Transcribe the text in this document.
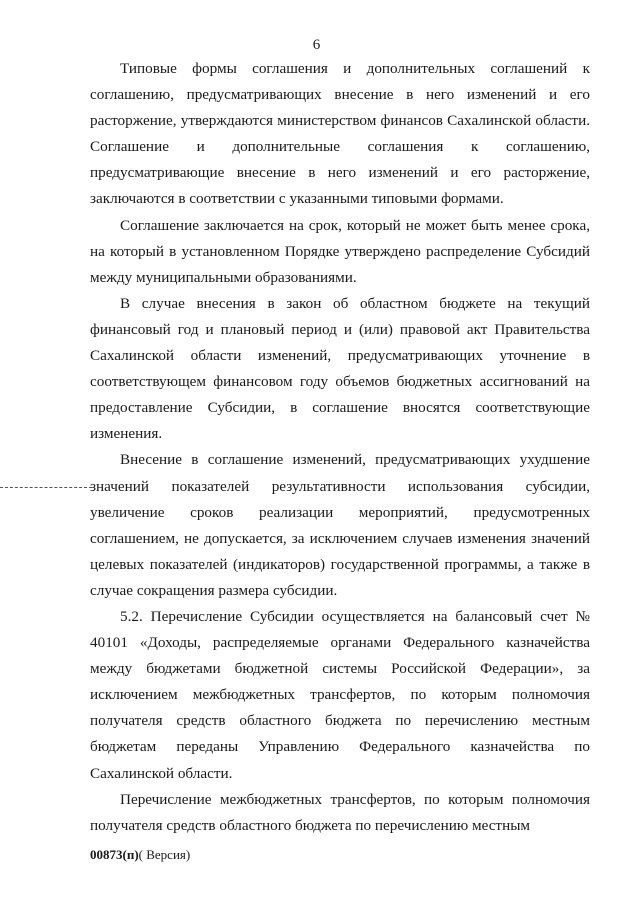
6

Типовые формы соглашения и дополнительных соглашений к соглашению, предусматривающих внесение в него изменений и его расторжение, утверждаются министерством финансов Сахалинской области. Соглашение и дополнительные соглашения к соглашению, предусматривающие внесение в него изменений и его расторжение, заключаются в соответствии с указанными типовыми формами.

Соглашение заключается на срок, который не может быть менее срока, на который в установленном Порядке утверждено распределение Субсидий между муниципальными образованиями.

В случае внесения в закон об областном бюджете на текущий финансовый год и плановый период и (или) правовой акт Правительства Сахалинской области изменений, предусматривающих уточнение в соответствующем финансовом году объемов бюджетных ассигнований на предоставление Субсидии, в соглашение вносятся соответствующие изменения.

Внесение в соглашение изменений, предусматривающих ухудшение значений показателей результативности использования субсидии, увеличение сроков реализации мероприятий, предусмотренных соглашением, не допускается, за исключением случаев изменения значений целевых показателей (индикаторов) государственной программы, а также в случае сокращения размера субсидии.

5.2. Перечисление Субсидии осуществляется на балансовый счет № 40101 «Доходы, распределяемые органами Федерального казначейства между бюджетами бюджетной системы Российской Федерации», за исключением межбюджетных трансфертов, по которым полномочия получателя средств областного бюджета по перечислению местным бюджетам переданы Управлению Федерального казначейства по Сахалинской области.

Перечисление межбюджетных трансфертов, по которым полномочия получателя средств областного бюджета по перечислению местным

00873(п)( Версия)
